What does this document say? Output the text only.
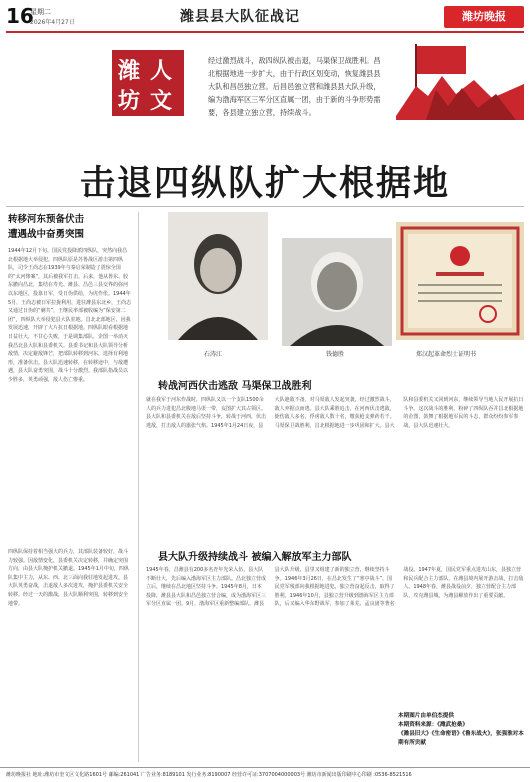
16
星期二
2026年4月27日	潍县县大队征战记	潍坊晚报
潍 人
坊 文
经过激烈战斗，敌四纵队被击退，马渠保卫战胜利。昌北根据地进一步扩大，由于行政区划变动，恢复潍县县大队和昌邑独立营。后昌邑独立营和潍县县大队升级，编为渤海军区三军分区直属一团，由于新的斗争形势需要，各县建立独立营，持续战斗。
击退四纵队扩大根据地
转移河东预备伏击
遭遇战中奋勇突围
1944年12月下旬，国民党投降派四纵队，突然向我昌北根据地大举侵犯。四纵队原是苏鲁战区游击第四纵队，司令王尚志在1939年与秦启荣制造了震惊全国的“太河惨案”，其后被我军打击，后来，他从鲁东、胶东撤向昌北，集结在寿光、潍县、昌邑三县交界的弥河以东地区，投靠日军，受日伪供给，为虎作伥。1944年5月，王尚志被日军拉拢利用，进驻潍县东北乡，王尚志又通过日伪的“剿共”，王继民率部被收编为“保安第二团”，四纵队大举侵犯县大队驻地。昌北北部地区，因我发展迅速，开辟了大片抗日根据地。四纵队眼看根据地日益壮大，不甘心失败，于是调集部队，企图一举消灭我昌北县大队和县委机关。县委书记和县大队领导分析敌情，决定避敌锋芒，把部队转移到河东，选择有利地形，准备伏击。县大队迅速转移，在转移途中，与敌遭遇，县大队奋勇突围，战斗十分激烈。我部队指战员以少胜多，英勇顽强，敌人伤亡惨重。
四纵队保持着相当强大的兵力，其部队装备较好，战斗力较强。因敌情变化，县委机关决定转移，并确定突围方向，由县大队掩护机关撤退。1945年1月中旬，四纵队集中主力，从东、西、北三面向我驻地发起进攻。县大队英勇奋战，击退敌人多次进攻，掩护县委机关安全转移。经过一天的激战，县大队顺利突围，转移到安全地带。
石涛江	钱德胜	郑汉起革命烈士证明书
转战河西伏击逃敌 马渠保卫战胜利
就在我军于河东作战时，四纵队又以一个支队1500余人的兵力进犯昌北腹地马渠一带，妄图扩大其占领区。县大队和县委机关在敌后坚持斗争，转战于河西，伏击逃敌，打击敌人的嚣张气焰。1945年1月24日夜，县大队趁敌不备，对马渠敌人发起突袭，经过激烈战斗，敌人弃据点而逃。县大队乘胜追击，在河西伏击逃敌，毙伤敌人多名，俘虏敌人数十名，缴获枪支弹药若干。马渠保卫战胜利，昌北根据地进一步巩固和扩大。县大队和县委机关又回到河东，继续领导当地人民开展抗日斗争。这次战斗的胜利，粉碎了四纵队吞并昌北根据地的企图，鼓舞了根据地军民的斗志，群众纷纷参军参战，县大队迅速壮大。
县大队升级持续战斗 被编入解放军主力部队
1945年春，昌潍县有200多名青年光荣入伍，县大队不断壮大，先后编入渤海军区主力部队。昌北独立营成立后，继续在昌北地区坚持斗争。1945年8月，日本投降，潍县县大队和昌邑独立营合编，成为渤海军区三军分区直属一团。9月，渤海军区重新整编部队，潍县县大队升级，县里又组建了新的独立营，继续坚持斗争。1946年3月26日，在昌北发生了“寒亭战斗”，国民党军残部向我根据地进犯，独立营奋起反击，取得了胜利。1946年10月，县独立营升级到渤海军区主力部队，后又编入华东野战军，参加了莱芜、孟良崮等著名战役。1947年夏，国民党军重点进攻山东，县独立营和民兵配合主力部队，在潍县境内展开游击战，打击敌人。1948年春，潍县战役前夕，独立营配合主力部队，攻克潍县城，为潍县解放作出了重要贡献。
本期图片由单伯杰提供
本期资料来源：《潍武抢桑》
《潍县旧大》《生命密语》《鲁东战火》，张强淮对本期有所贡献
潍坊晚报社 地址:潍坊市奎文区文化路1601号 邮编:261041 广告业务:8189101 发行业务:8190007 经营许可证:3707004000003号 潍坊市新闻出版印刷中心印刷 :0536-8521516
